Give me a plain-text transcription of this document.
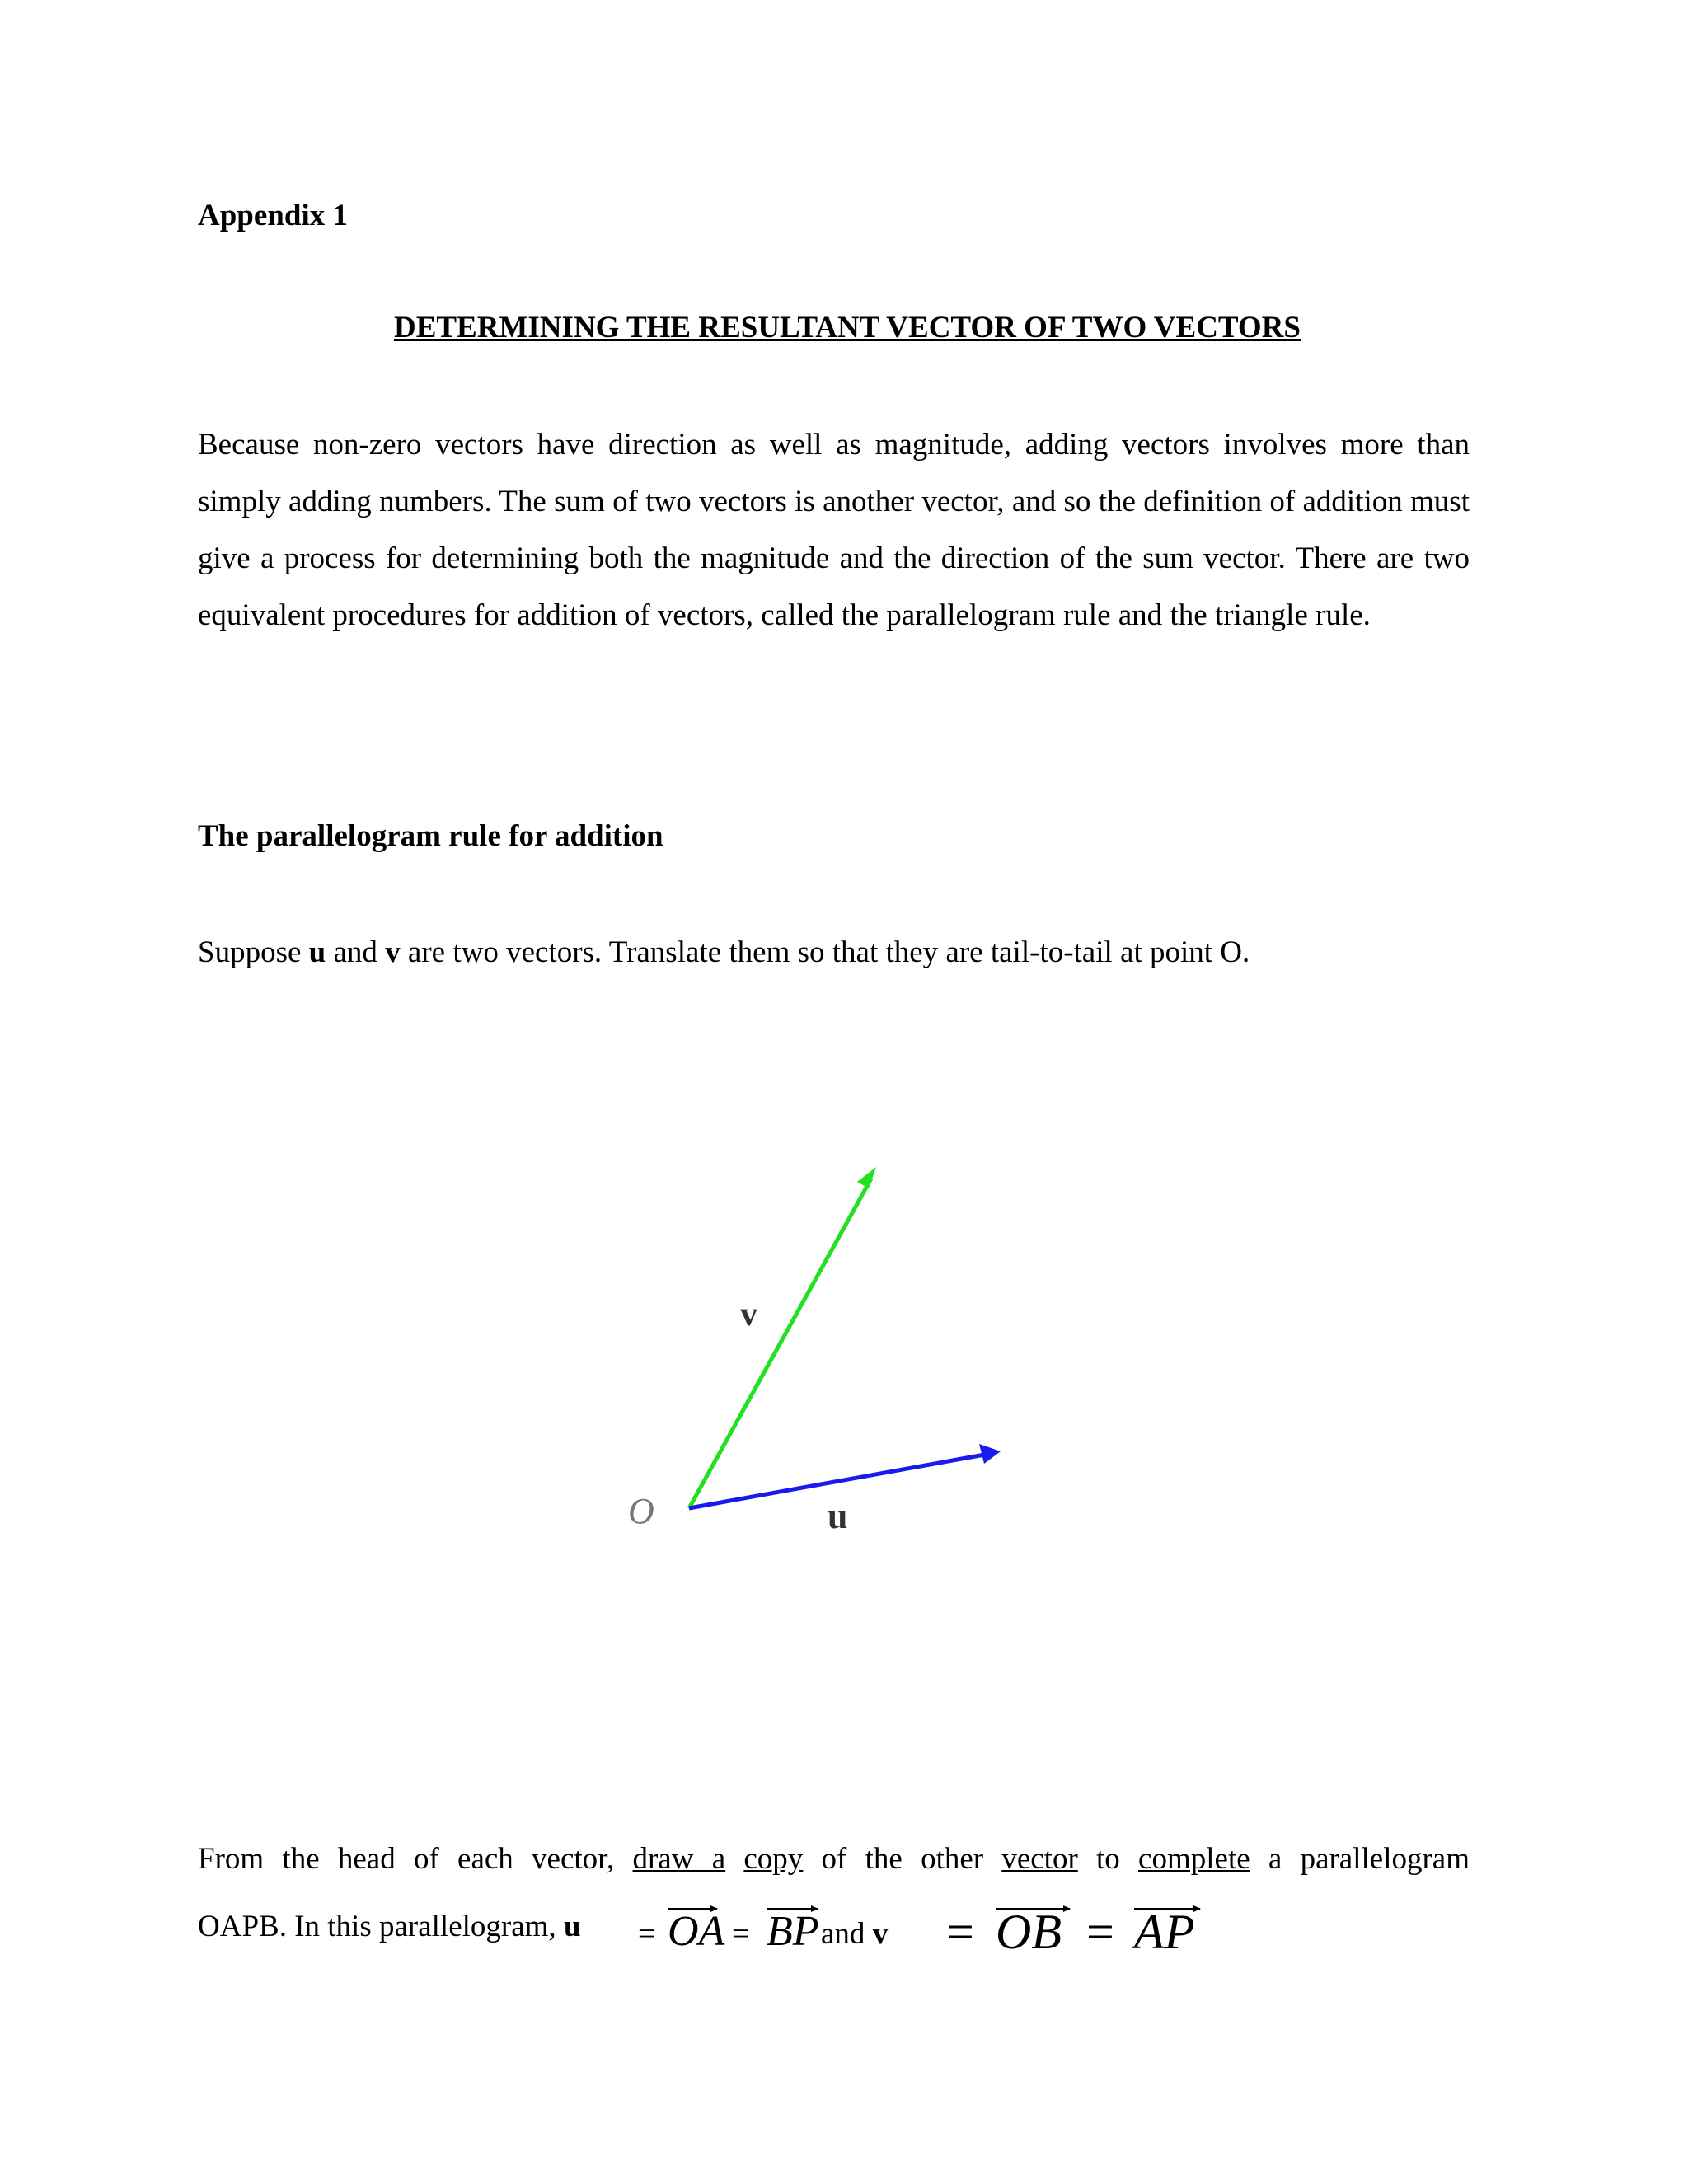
Appendix 1

DETERMINING THE RESULTANT VECTOR OF TWO VECTORS

Because non-zero vectors have direction as well as magnitude, adding vectors involves more than simply adding numbers. The sum of two vectors is another vector, and so the definition of addition must give a process for determining both the magnitude and the direction of the sum vector. There are two equivalent procedures for addition of vectors, called the parallelogram rule and the triangle rule.

The parallelogram rule for addition

Suppose u and v are two vectors. Translate them so that they are tail-to-tail at point O.

v
O	u

From the head of each vector, draw a copy of the other vector to complete a parallelogram

OAPB. In this parallelogram, u = OA = BP and v = OB = AP
